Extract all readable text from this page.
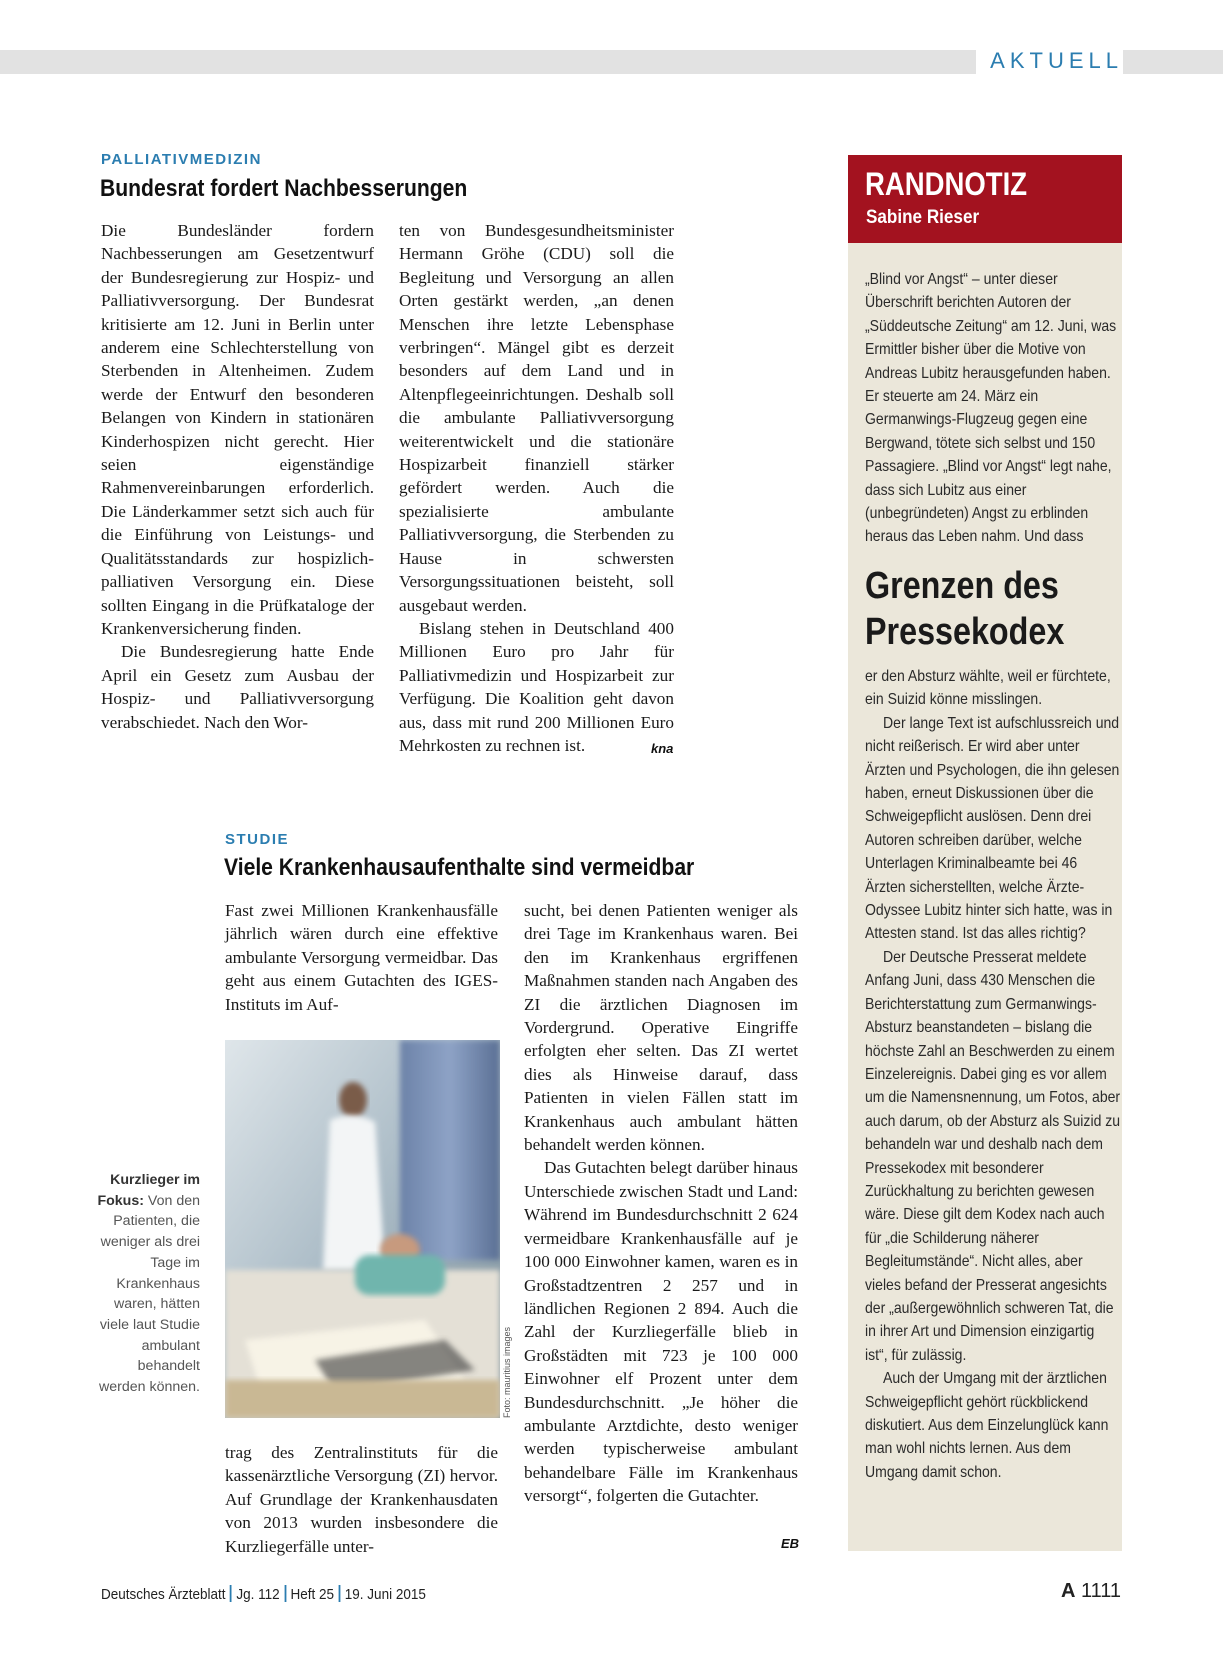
AKTUELL
PALLIATIVMEDIZIN
Bundesrat fordert Nachbesserungen

Die Bundesländer fordern Nachbesserungen am Gesetzentwurf der Bundesregierung zur Hospiz- und Palliativversorgung. Der Bundesrat kritisierte am 12. Juni in Berlin unter anderem eine Schlechterstellung von Sterbenden in Altenheimen. Zudem werde der Entwurf den besonderen Belangen von Kindern in stationären Kinderhospizen nicht gerecht. Hier seien eigenständige Rahmenvereinbarungen erforderlich. Die Länderkammer setzt sich auch für die Einführung von Leistungs- und Qualitätsstandards zur hospizlich-palliativen Versorgung ein. Diese sollten Eingang in die Prüfkataloge der Krankenversicherung finden.

Die Bundesregierung hatte Ende April ein Gesetz zum Ausbau der Hospiz- und Palliativversorgung verabschiedet. Nach den Wor-

ten von Bundesgesundheitsminister Hermann Gröhe (CDU) soll die Begleitung und Versorgung an allen Orten gestärkt werden, „an denen Menschen ihre letzte Lebensphase verbringen“. Mängel gibt es derzeit besonders auf dem Land und in Altenpflegeeinrichtungen. Deshalb soll die ambulante Palliativversorgung weiterentwickelt und die stationäre Hospizarbeit finanziell stärker gefördert werden. Auch die spezialisierte ambulante Palliativversorgung, die Sterbenden zu Hause in schwersten Versorgungssituationen beisteht, soll ausgebaut werden.

Bislang stehen in Deutschland 400 Millionen Euro pro Jahr für Palliativmedizin und Hospizarbeit zur Verfügung. Die Koalition geht davon aus, dass mit rund 200 Millionen Euro Mehrkosten zu rechnen ist.	kna
STUDIE
Viele Krankenhausaufenthalte sind vermeidbar

Fast zwei Millionen Krankenhausfälle jährlich wären durch eine effektive ambulante Versorgung vermeidbar. Das geht aus einem Gutachten des IGES-Instituts im Auf-

Foto: mauritius images
Kurzlieger im Fokus: Von den Patienten, die weniger als drei Tage im Krankenhaus waren, hätten viele laut Studie ambulant behandelt werden können.

trag des Zentralinstituts für die kassenärztliche Versorgung (ZI) hervor. Auf Grundlage der Krankenhausdaten von 2013 wurden insbesondere die Kurzliegerfälle unter-

sucht, bei denen Patienten weniger als drei Tage im Krankenhaus waren. Bei den im Krankenhaus ergriffenen Maßnahmen standen nach Angaben des ZI die ärztlichen Diagnosen im Vordergrund. Operative Eingriffe erfolgten eher selten. Das ZI wertet dies als Hinweise darauf, dass Patienten in vielen Fällen statt im Krankenhaus auch ambulant hätten behandelt werden können.

Das Gutachten belegt darüber hinaus Unterschiede zwischen Stadt und Land: Während im Bundesdurchschnitt 2 624 vermeidbare Krankenhausfälle auf je 100 000 Einwohner kamen, waren es in Großstadtzentren 2 257 und in ländlichen Regionen 2 894. Auch die Zahl der Kurzliegerfälle blieb in Großstädten mit 723 je 100 000 Einwohner elf Prozent unter dem Bundesdurchschnitt. „Je höher die ambulante Arztdichte, desto weniger werden typischerweise ambulant behandelbare Fälle im Krankenhaus versorgt“, folgerten die Gutachter.

EB
RANDNOTIZ
Sabine Rieser

„Blind vor Angst“ – unter dieser Überschrift berichten Autoren der „Süddeutsche Zeitung“ am 12. Juni, was Ermittler bisher über die Motive von Andreas Lubitz herausgefunden haben. Er steuerte am 24. März ein Germanwings-Flugzeug gegen eine Bergwand, tötete sich selbst und 150 Passagiere. „Blind vor Angst“ legt nahe, dass sich Lubitz aus einer (unbegründeten) Angst zu erblinden heraus das Leben nahm. Und dass

Grenzen des Pressekodex

er den Absturz wählte, weil er fürchtete, ein Suizid könne misslingen.

Der lange Text ist aufschlussreich und nicht reißerisch. Er wird aber unter Ärzten und Psychologen, die ihn gelesen haben, erneut Diskussionen über die Schweigepflicht auslösen. Denn drei Autoren schreiben darüber, welche Unterlagen Kriminalbeamte bei 46 Ärzten sicherstellten, welche Ärzte-Odyssee Lubitz hinter sich hatte, was in Attesten stand. Ist das alles richtig?

Der Deutsche Presserat meldete Anfang Juni, dass 430 Menschen die Berichterstattung zum Germanwings-Absturz beanstandeten – bislang die höchste Zahl an Beschwerden zu einem Einzelereignis. Dabei ging es vor allem um die Namensnennung, um Fotos, aber auch darum, ob der Absturz als Suizid zu behandeln war und deshalb nach dem Pressekodex mit besonderer Zurückhaltung zu berichten gewesen wäre. Diese gilt dem Kodex nach auch für „die Schilderung näherer Begleitumstände“. Nicht alles, aber vieles befand der Presserat angesichts der „außergewöhnlich schweren Tat, die in ihrer Art und Dimension einzigartig ist“, für zulässig.

Auch der Umgang mit der ärztlichen Schweigepflicht gehört rückblickend diskutiert. Aus dem Einzelunglück kann man wohl nichts lernen. Aus dem Umgang damit schon.

Deutsches Ärzteblatt Jg. 112 Heft 25 19. Juni 2015	A 1111
